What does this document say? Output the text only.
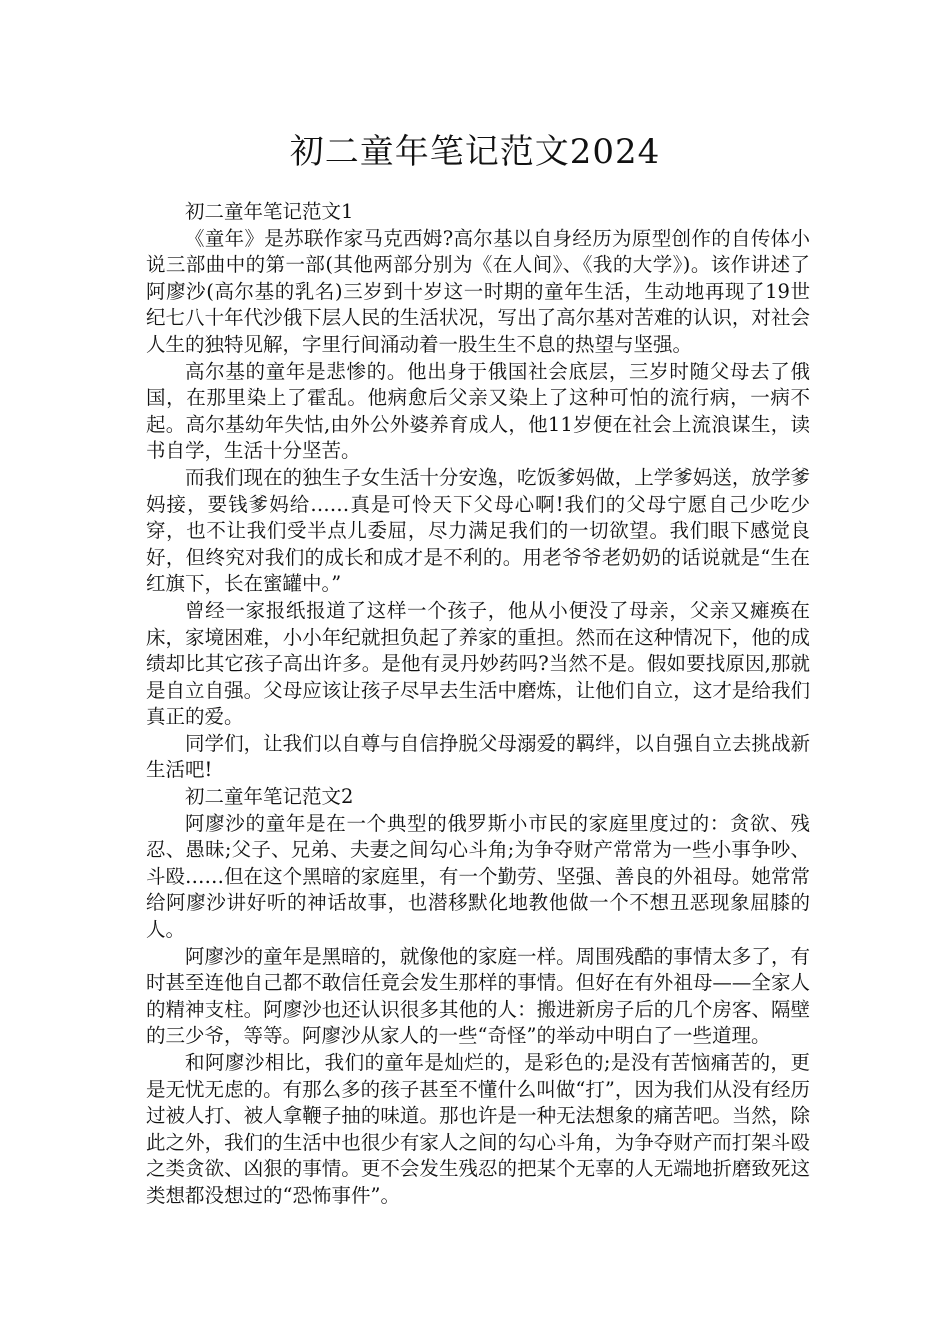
初二童年笔记范文2024

初二童年笔记范文1

《童年》是苏联作家马克西姆?高尔基以自身经历为原型创作的自传体小说三部曲中的第一部(其他两部分别为《在人间》、《我的大学》)。该作讲述了阿廖沙(高尔基的乳名)三岁到十岁这一时期的童年生活，生动地再现了19世纪七八十年代沙俄下层人民的生活状况，写出了高尔基对苦难的认识，对社会人生的独特见解，字里行间涌动着一股生生不息的热望与坚强。

高尔基的童年是悲惨的。他出身于俄国社会底层，三岁时随父母去了俄国，在那里染上了霍乱。他病愈后父亲又染上了这种可怕的流行病，一病不起。高尔基幼年失怙,由外公外婆养育成人，他11岁便在社会上流浪谋生，读书自学，生活十分坚苦。

而我们现在的独生子女生活十分安逸，吃饭爹妈做，上学爹妈送，放学爹妈接，要钱爹妈给……真是可怜天下父母心啊!我们的父母宁愿自己少吃少穿，也不让我们受半点儿委屈，尽力满足我们的一切欲望。我们眼下感觉良好，但终究对我们的成长和成才是不利的。用老爷爷老奶奶的话说就是“生在红旗下，长在蜜罐中。”

曾经一家报纸报道了这样一个孩子，他从小便没了母亲，父亲又瘫痪在床，家境困难，小小年纪就担负起了养家的重担。然而在这种情况下，他的成绩却比其它孩子高出许多。是他有灵丹妙药吗?当然不是。假如要找原因,那就是自立自强。父母应该让孩子尽早去生活中磨炼，让他们自立，这才是给我们真正的爱。

同学们，让我们以自尊与自信挣脱父母溺爱的羁绊，以自强自立去挑战新生活吧!

初二童年笔记范文2

阿廖沙的童年是在一个典型的俄罗斯小市民的家庭里度过的：贪欲、残忍、愚昧;父子、兄弟、夫妻之间勾心斗角;为争夺财产常常为一些小事争吵、斗殴……但在这个黑暗的家庭里，有一个勤劳、坚强、善良的外祖母。她常常给阿廖沙讲好听的神话故事，也潜移默化地教他做一个不想丑恶现象屈膝的人。

阿廖沙的童年是黑暗的，就像他的家庭一样。周围残酷的事情太多了，有时甚至连他自己都不敢信任竟会发生那样的事情。但好在有外祖母——全家人的精神支柱。阿廖沙也还认识很多其他的人：搬进新房子后的几个房客、隔壁的三少爷，等等。阿廖沙从家人的一些“奇怪”的举动中明白了一些道理。

和阿廖沙相比，我们的童年是灿烂的，是彩色的;是没有苦恼痛苦的，更是无忧无虑的。有那么多的孩子甚至不懂什么叫做“打”，因为我们从没有经历过被人打、被人拿鞭子抽的味道。那也许是一种无法想象的痛苦吧。当然，除此之外，我们的生活中也很少有家人之间的勾心斗角，为争夺财产而打架斗殴之类贪欲、凶狠的事情。更不会发生残忍的把某个无辜的人无端地折磨致死这类想都没想过的“恐怖事件”。
